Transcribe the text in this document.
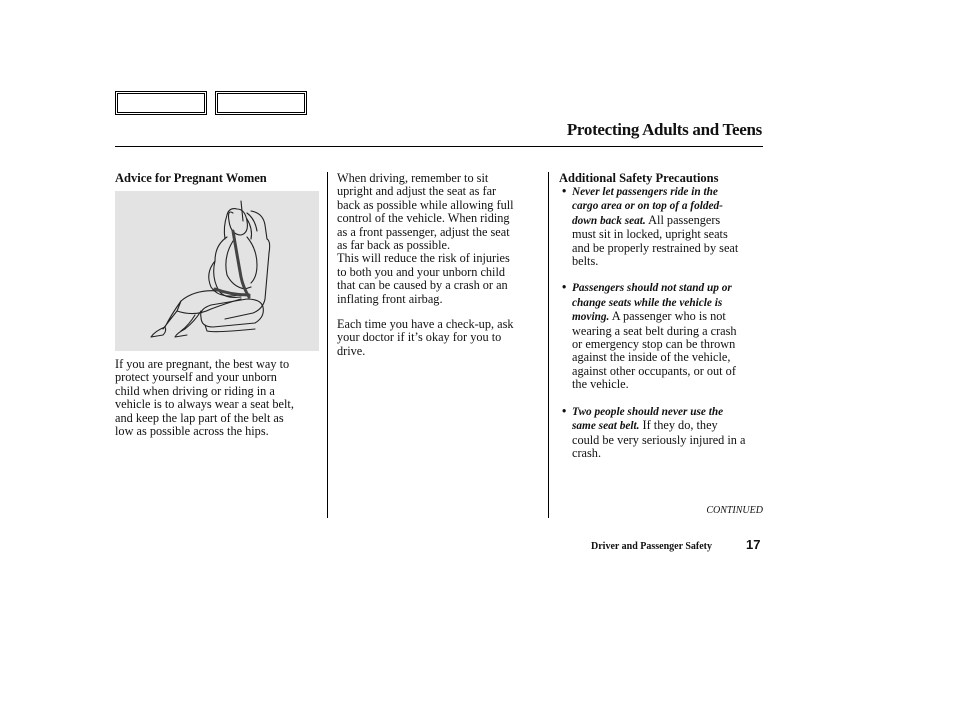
Protecting Adults and Teens
Advice for Pregnant Women

If you are pregnant, the best way to
protect yourself and your unborn
child when driving or riding in a
vehicle is to always wear a seat belt,
and keep the lap part of the belt as
low as possible across the hips.

When driving, remember to sit
upright and adjust the seat as far
back as possible while allowing full
control of the vehicle. When riding
as a front passenger, adjust the seat
as far back as possible.
This will reduce the risk of injuries
to both you and your unborn child
that can be caused by a crash or an
inflating front airbag.

Each time you have a check-up, ask
your doctor if it’s okay for you to
drive.

Additional Safety Precautions
• Never let passengers ride in the
cargo area or on top of a folded-
down back seat. All passengers
must sit in locked, upright seats
and be properly restrained by seat
belts.
• Passengers should not stand up or
change seats while the vehicle is
moving. A passenger who is not
wearing a seat belt during a crash
or emergency stop can be thrown
against the inside of the vehicle,
against other occupants, or out of
the vehicle.
• Two people should never use the
same seat belt. If they do, they
could be very seriously injured in a
crash.
CONTINUED
Driver and Passenger Safety	17
